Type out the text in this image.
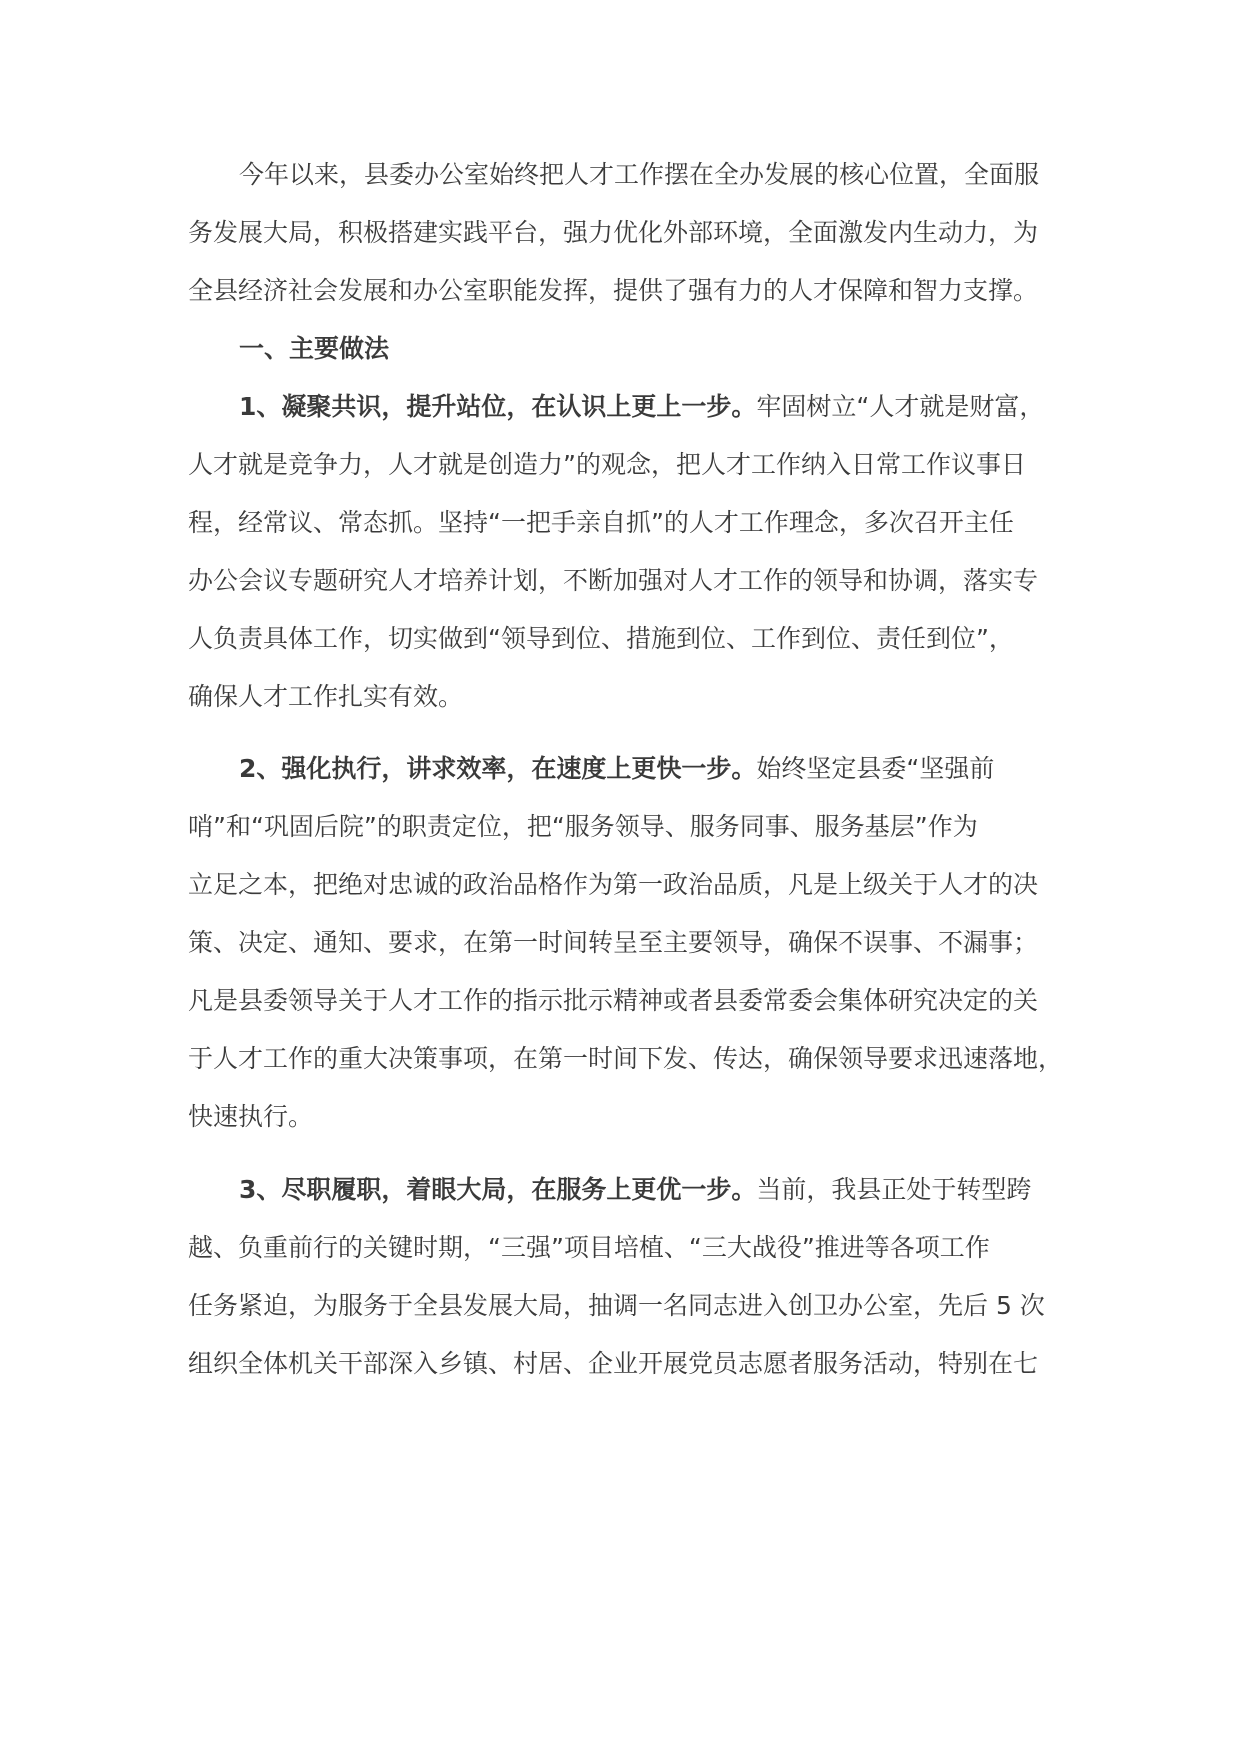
今年以来，县委办公室始终把人才工作摆在全办发展的核心位置，全面服
务发展大局，积极搭建实践平台，强力优化外部环境，全面激发内生动力，为
全县经济社会发展和办公室职能发挥，提供了强有力的人才保障和智力支撑。
一、主要做法
1、凝聚共识，提升站位，在认识上更上一步。牢固树立“人才就是财富，
人才就是竞争力，人才就是创造力”的观念，把人才工作纳入日常工作议事日
程，经常议、常态抓。坚持“一把手亲自抓”的人才工作理念，多次召开主任
办公会议专题研究人才培养计划，不断加强对人才工作的领导和协调，落实专
人负责具体工作，切实做到“领导到位、措施到位、工作到位、责任到位”，
确保人才工作扎实有效。
2、强化执行，讲求效率，在速度上更快一步。始终坚定县委“坚强前
哨”和“巩固后院”的职责定位，把“服务领导、服务同事、服务基层”作为
立足之本，把绝对忠诚的政治品格作为第一政治品质，凡是上级关于人才的决
策、决定、通知、要求，在第一时间转呈至主要领导，确保不误事、不漏事；
凡是县委领导关于人才工作的指示批示精神或者县委常委会集体研究决定的关
于人才工作的重大决策事项，在第一时间下发、传达，确保领导要求迅速落地，
快速执行。
3、尽职履职，着眼大局，在服务上更优一步。当前，我县正处于转型跨
越、负重前行的关键时期，“三强”项目培植、“三大战役”推进等各项工作
任务紧迫，为服务于全县发展大局，抽调一名同志进入创卫办公室，先后 5 次
组织全体机关干部深入乡镇、村居、企业开展党员志愿者服务活动，特别在七
